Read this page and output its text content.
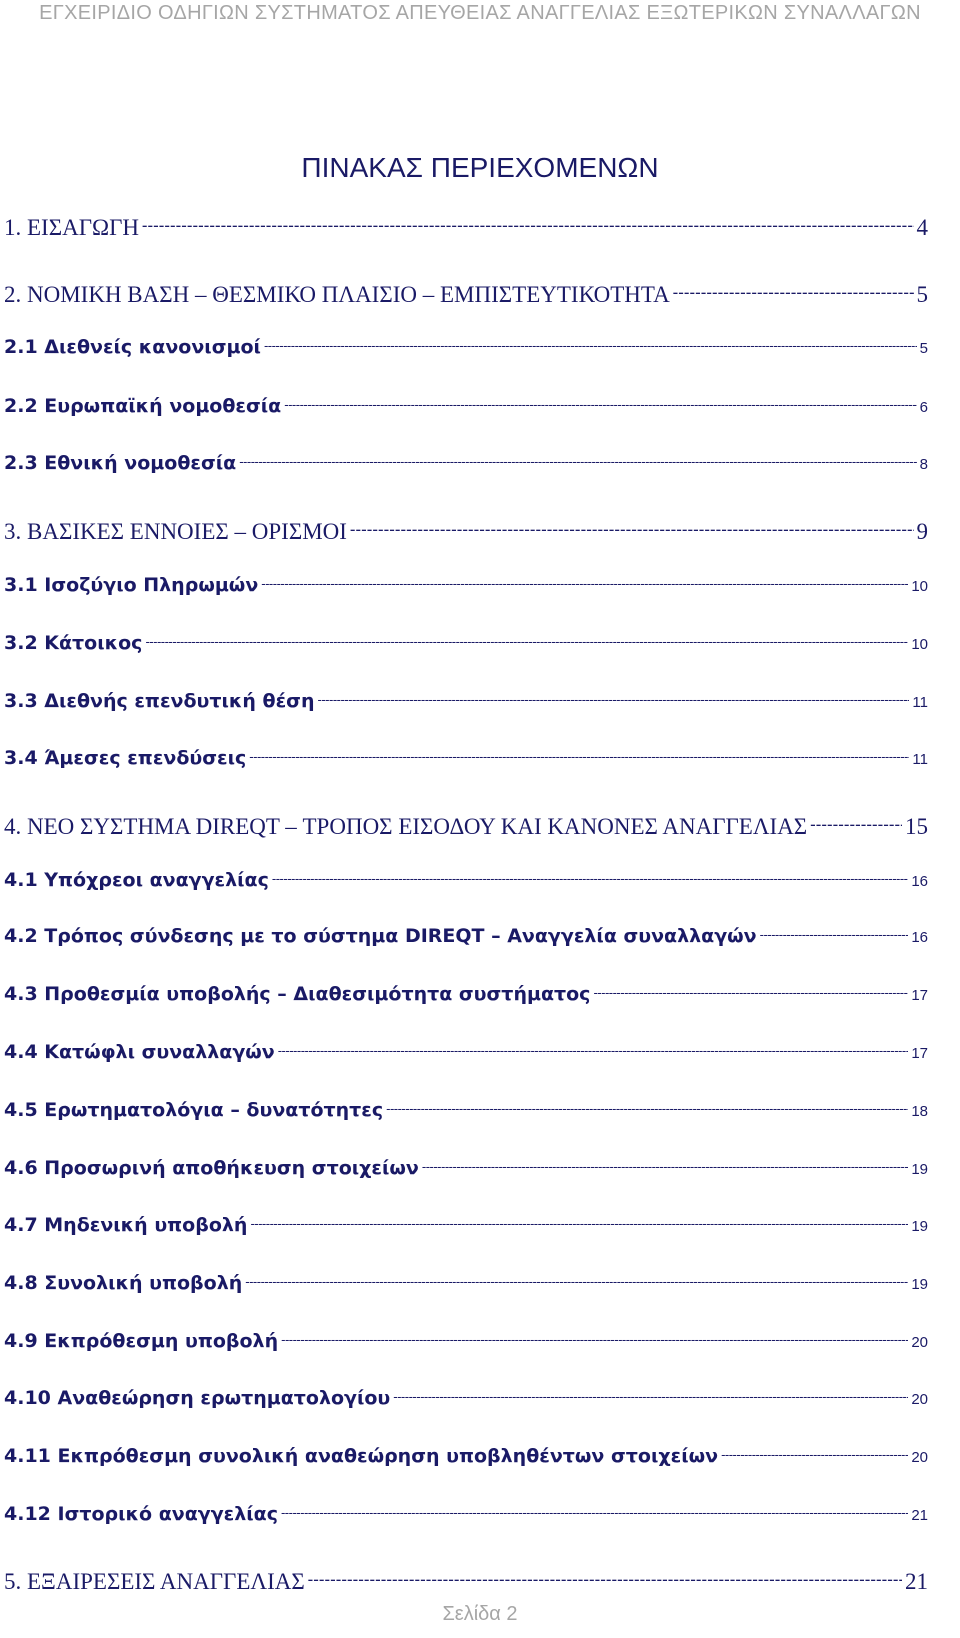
ΕΓΧΕΙΡΙΔΙΟ ΟΔΗΓΙΩΝ ΣΥΣΤΗΜΑΤΟΣ ΑΠΕΥΘΕΙΑΣ ΑΝΑΓΓΕΛΙΑΣ ΕΞΩΤΕΡΙΚΩΝ ΣΥΝΑΛΛΑΓΩΝ
ΠΙΝΑΚΑΣ ΠΕΡΙΕΧΟΜΕΝΩΝ
1. ΕΙΣΑΓΩΓΗ -----	4
2. ΝΟΜΙΚΗ ΒΑΣΗ – ΘΕΣΜΙΚΟ ΠΛΑΙΣΙΟ – ΕΜΠΙΣΤΕΥΤΙΚΟΤΗΤΑ -----	5
2.1 Διεθνείς κανονισμοί -----	5
2.2 Ευρωπαϊκή νομοθεσία -----	6
2.3 Εθνική νομοθεσία -----	8
3. ΒΑΣΙΚΕΣ ΕΝΝΟΙΕΣ – ΟΡΙΣΜΟΙ -----	9
3.1 Ισοζύγιο Πληρωμών -----	10
3.2 Κάτοικος -----	10
3.3 Διεθνής επενδυτική θέση -----	11
3.4 Άμεσες επενδύσεις -----	11
4. ΝΕΟ ΣΥΣΤΗΜΑ DIREQT – ΤΡΟΠΟΣ ΕΙΣΟΔΟΥ ΚΑΙ ΚΑΝΟΝΕΣ ΑΝΑΓΓΕΛΙΑΣ -----	15
4.1 Υπόχρεοι αναγγελίας -----	16
4.2 Τρόπος σύνδεσης με το σύστημα DIREQT – Αναγγελία συναλλαγών -----	16
4.3 Προθεσμία υποβολής – Διαθεσιμότητα συστήματος -----	17
4.4 Κατώφλι συναλλαγών -----	17
4.5 Ερωτηματολόγια – δυνατότητες -----	18
4.6 Προσωρινή αποθήκευση στοιχείων -----	19
4.7 Μηδενική υποβολή -----	19
4.8 Συνολική υποβολή -----	19
4.9 Εκπρόθεσμη υποβολή -----	20
4.10 Αναθεώρηση ερωτηματολογίου -----	20
4.11 Εκπρόθεσμη συνολική αναθεώρηση υποβληθέντων στοιχείων -----	20
4.12 Ιστορικό αναγγελίας -----	21
5. ΕΞΑΙΡΕΣΕΙΣ ΑΝΑΓΓΕΛΙΑΣ -----	21
Σελίδα 2
